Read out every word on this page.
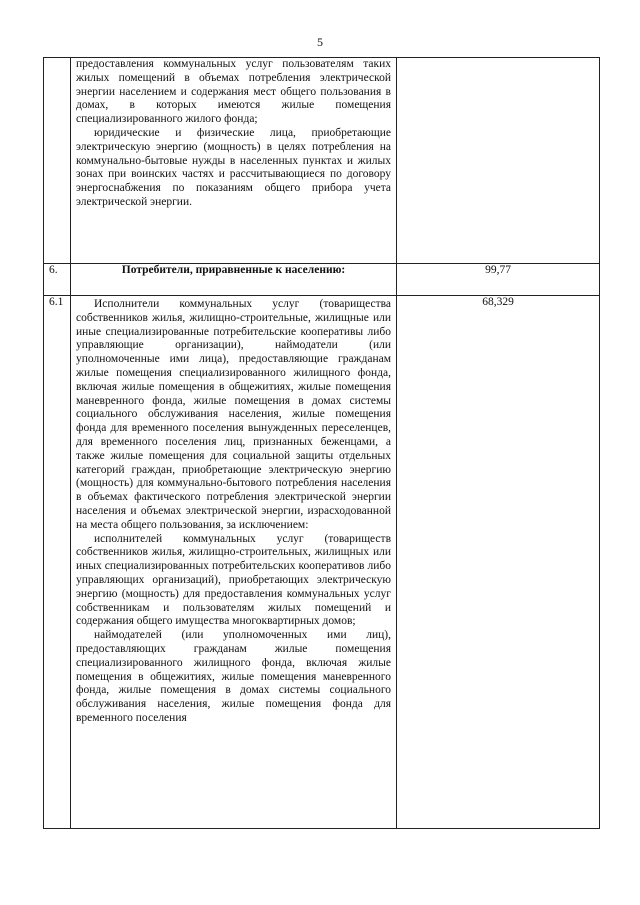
5

	предоставления коммунальных услуг пользователям таких жилых помещений в объемах потребления электрической энергии населением и содержания мест общего пользования в домах, в которых имеются жилые помещения специализированного жилого фонда;

юридические и физические лица, приобретающие электрическую энергию (мощность) в целях потребления на коммунально-бытовые нужды в населенных пунктах и жилых зонах при воинских частях и рассчитывающиеся по договору энергоснабжения по показаниям общего прибора учета электрической энергии.	

6.	Потребители, приравненные к населению:	99,77
6.1	Исполнители коммунальных услуг (товарищества собственников жилья, жилищно-строительные, жилищные или иные специализированные потребительские кооперативы либо управляющие организации), наймодатели (или уполномоченные ими лица), предоставляющие гражданам жилые помещения специализированного жилищного фонда, включая жилые помещения в общежитиях, жилые помещения маневренного фонда, жилые помещения в домах системы социального обслуживания населения, жилые помещения фонда для временного поселения вынужденных переселенцев, для временного поселения лиц, признанных беженцами, а также жилые помещения для социальной защиты отдельных категорий граждан, приобретающие электрическую энергию (мощность) для коммунально-бытового потребления населения в объемах фактического потребления электрической энергии населения и объемах электрической энергии, израсходованной на места общего пользования, за исключением:

исполнителей коммунальных услуг (товариществ собственников жилья, жилищно-строительных, жилищных или иных специализированных потребительских кооперативов либо управляющих организаций), приобретающих электрическую энергию (мощность) для предоставления коммунальных услуг собственникам и пользователям жилых помещений и содержания общего имущества многоквартирных домов;

наймодателей (или уполномоченных ими лиц), предоставляющих гражданам жилые помещения специализированного жилищного фонда, включая жилые помещения в общежитиях, жилые помещения маневренного фонда, жилые помещения в домах системы социального обслуживания населения, жилые помещения фонда для временного поселения	68,329
